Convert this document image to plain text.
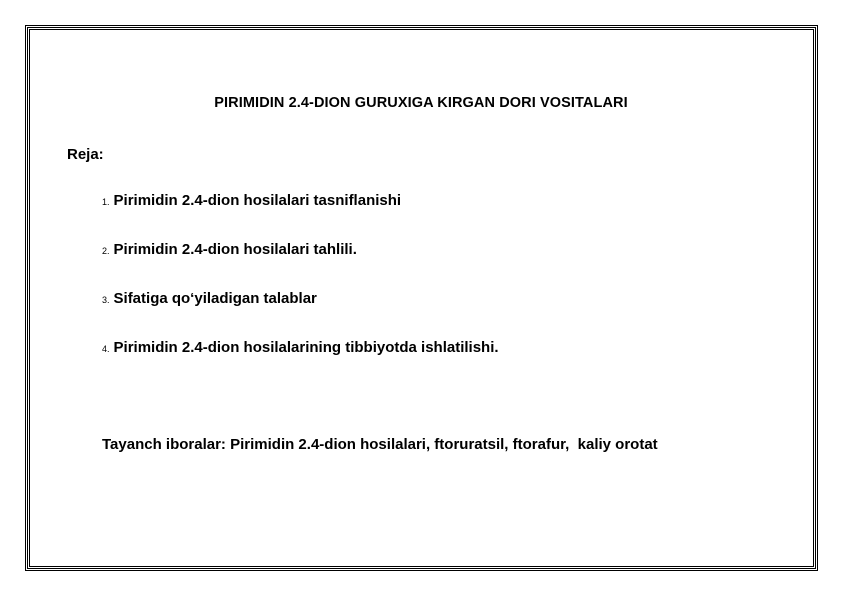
PIRIMIDIN 2.4-DION GURUXIGA KIRGAN DORI VOSITALARI
Reja:
1. Pirimidin 2.4-dion hosilalari tasniflanishi
2. Pirimidin 2.4-dion hosilalari tahlili.
3. Sifatiga qo‘yiladigan talablar
4. Pirimidin 2.4-dion hosilalarining tibbiyotda ishlatilishi.
Tayanch iboralar: Pirimidin 2.4-dion hosilalari, ftoruratsil, ftorafur,  kaliy orotat
